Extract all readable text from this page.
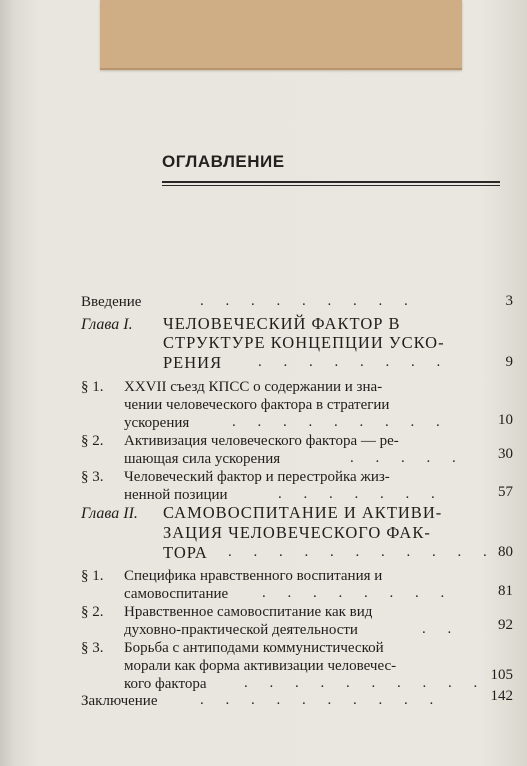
ОГЛАВЛЕНИЕ
Введение	. . . . . . . . .	3
Глава I. ЧЕЛОВЕЧЕСКИЙ ФАКТОР В
СТРУКТУРЕ КОНЦЕПЦИИ УСКО-
РЕНИЯ . . . . . . . .	9
§ 1. XXVII съезд КПСС о содержании и зна-
чении человеческого фактора в стратегии
ускорения	. . . . . . . . .	10
§ 2. Активизация человеческого фактора — ре-
шающая сила ускорения	. . . . . 30
§ 3. Человеческий фактор и перестройка жиз-
ненной позиции	. . . . . . .	57
Глава II. САМОВОСПИТАНИЕ И АКТИВИ-
ЗАЦИЯ ЧЕЛОВЕЧЕСКОГО ФАК-
ТОРА . . . . . . . . . . . 80
§ 1. Специфика нравственного воспитания и
самовоспитание . . . . . . . .	81
§ 2. Нравственное самовоспитание как вид
духовно-практической деятельности	. .	92
§ 3. Борьба с антиподами коммунистической
морали как форма активизации человечес-
кого фактора . . . . . . . . . . 105
Заключение	. . . . . . . . . .	142
